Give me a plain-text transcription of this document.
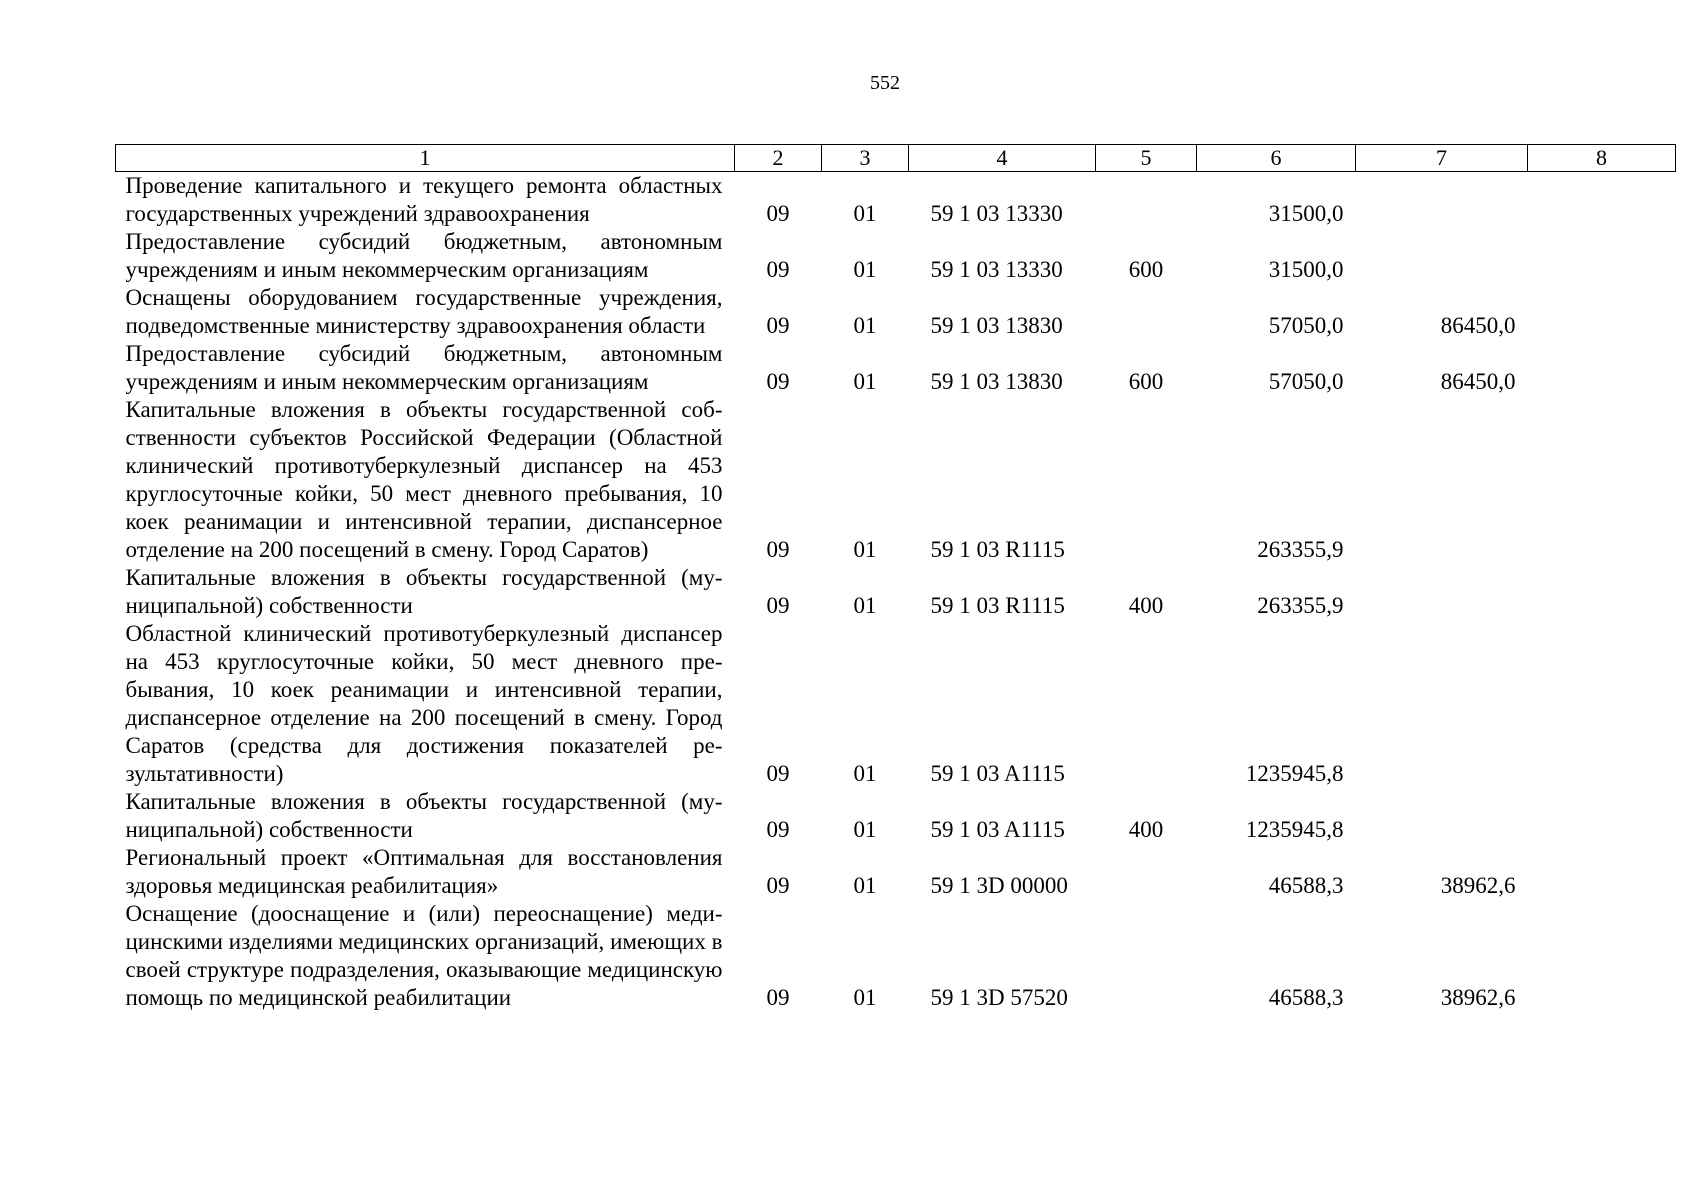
552
1	2	3	4	5	6	7	8
Проведение капитального и текущего ремонта областных государственных учреждений здравоохранения	09	01	59 1 03 13330		31500,0		
Предоставление субсидий бюджетным, автономным учреждениям и иным некоммерческим организациям	09	01	59 1 03 13330	600	31500,0		
Оснащены оборудованием государственные учреждения, подведомственные министерству здравоохранения области	09	01	59 1 03 13830		57050,0	86450,0	
Предоставление субсидий бюджетным, автономным учреждениям и иным некоммерческим организациям	09	01	59 1 03 13830	600	57050,0	86450,0	
Капитальные вложения в объекты государственной собственности субъектов Российской Федерации (Областной клинический противотуберкулезный диспансер на 453 круглосуточные койки, 50 мест дневного пребывания, 10 коек реанимации и интенсивной терапии, диспансерное отделение на 200 посещений в смену. Город Саратов)	09	01	59 1 03 R1115		263355,9		
Капитальные вложения в объекты государственной (муниципальной) собственности	09	01	59 1 03 R1115	400	263355,9		
Областной клинический противотуберкулезный диспансер на 453 круглосуточные койки, 50 мест дневного пребывания, 10 коек реанимации и интенсивной терапии, диспансерное отделение на 200 посещений в смену. Город Саратов (средства для достижения показателей результативности)	09	01	59 1 03 A1115		1235945,8		
Капитальные вложения в объекты государственной (муниципальной) собственности	09	01	59 1 03 A1115	400	1235945,8		
Региональный проект «Оптимальная для восстановления здоровья медицинская реабилитация»	09	01	59 1 3D 00000		46588,3	38962,6	
Оснащение (дооснащение и (или) переоснащение) медицинскими изделиями медицинских организаций, имеющих в своей структуре подразделения, оказывающие медицинскую помощь по медицинской реабилитации	09	01	59 1 3D 57520		46588,3	38962,6	
